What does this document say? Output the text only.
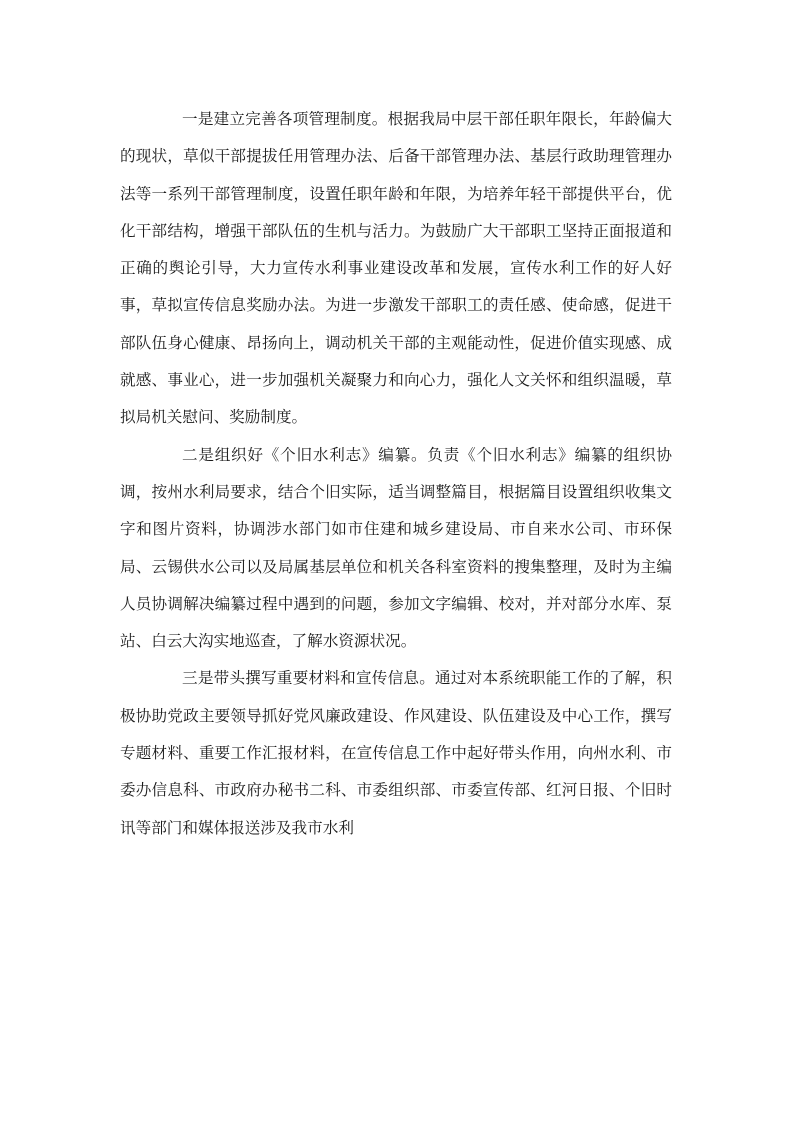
一是建立完善各项管理制度。根据我局中层干部任职年限长，年龄偏大的现状，草似干部提拔任用管理办法、后备干部管理办法、基层行政助理管理办法等一系列干部管理制度，设置任职年龄和年限，为培养年轻干部提供平台，优化干部结构，增强干部队伍的生机与活力。为鼓励广大干部职工坚持正面报道和正确的舆论引导，大力宣传水利事业建设改革和发展，宣传水利工作的好人好事，草拟宣传信息奖励办法。为进一步激发干部职工的责任感、使命感，促进干部队伍身心健康、昂扬向上，调动机关干部的主观能动性，促进价值实现感、成就感、事业心，进一步加强机关凝聚力和向心力，强化人文关怀和组织温暖，草拟局机关慰问、奖励制度。

二是组织好《个旧水利志》编纂。负责《个旧水利志》编纂的组织协调，按州水利局要求，结合个旧实际，适当调整篇目，根据篇目设置组织收集文字和图片资料，协调涉水部门如市住建和城乡建设局、市自来水公司、市环保局、云锡供水公司以及局属基层单位和机关各科室资料的搜集整理，及时为主编人员协调解决编纂过程中遇到的问题，参加文字编辑、校对，并对部分水库、泵站、白云大沟实地巡查，了解水资源状况。

三是带头撰写重要材料和宣传信息。通过对本系统职能工作的了解，积极协助党政主要领导抓好党风廉政建设、作风建设、队伍建设及中心工作，撰写专题材料、重要工作汇报材料，在宣传信息工作中起好带头作用，向州水利、市委办信息科、市政府办秘书二科、市委组织部、市委宣传部、红河日报、个旧时讯等部门和媒体报送涉及我市水利
